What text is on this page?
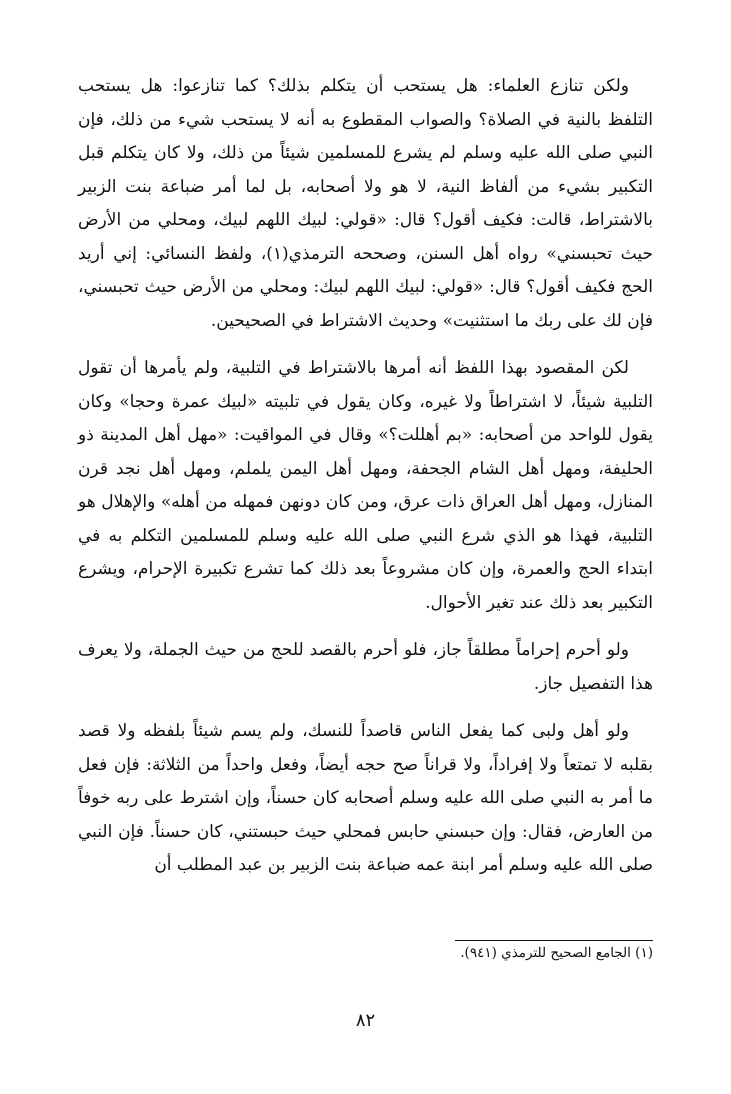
ولكن تنازع العلماء: هل يستحب أن يتكلم بذلك؟ كما تنازعوا: هل يستحب التلفظ بالنية في الصلاة؟ والصواب المقطوع به أنه لا يستحب شيء من ذلك، فإن النبي صلى الله عليه وسلم لم يشرع للمسلمين شيئاً من ذلك، ولا كان يتكلم قبل التكبير بشيء من ألفاظ النية، لا هو ولا أصحابه، بل لما أمر ضباعة بنت الزبير بالاشتراط، قالت: فكيف أقول؟ قال: «قولي: لبيك اللهم لبيك، ومحلي من الأرض حيث تحبسني» رواه أهل السنن، وصححه الترمذي(١)، ولفظ النسائي: إني أريد الحج فكيف أقول؟ قال: «قولي: لبيك اللهم لبيك: ومحلي من الأرض حيث تحبسني، فإن لك على ربك ما استثنيت» وحديث الاشتراط في الصحيحين.

لكن المقصود بهذا اللفظ أنه أمرها بالاشتراط في التلبية، ولم يأمرها أن تقول التلبية شيئاً، لا اشتراطاً ولا غيره، وكان يقول في تلبيته «لبيك عمرة وحجا» وكان يقول للواحد من أصحابه: «بم أهللت؟» وقال في المواقيت: «مهل أهل المدينة ذو الحليفة، ومهل أهل الشام الجحفة، ومهل أهل اليمن يلملم، ومهل أهل نجد قرن المنازل، ومهل أهل العراق ذات عرق، ومن كان دونهن فمهله من أهله» والإهلال هو التلبية، فهذا هو الذي شرع النبي صلى الله عليه وسلم للمسلمين التكلم به في ابتداء الحج والعمرة، وإن كان مشروعاً بعد ذلك كما تشرع تكبيرة الإحرام، ويشرع التكبير بعد ذلك عند تغير الأحوال.

ولو أحرم إحراماً مطلقاً جاز، فلو أحرم بالقصد للحج من حيث الجملة، ولا يعرف هذا التفصيل جاز.

ولو أهل ولبى كما يفعل الناس قاصداً للنسك، ولم يسم شيئاً بلفظه ولا قصد بقلبه لا تمتعاً ولا إفراداً، ولا قراناً صح حجه أيضاً، وفعل واحداً من الثلاثة: فإن فعل ما أمر به النبي صلى الله عليه وسلم أصحابه كان حسناً، وإن اشترط على ربه خوفاً من العارض، فقال: وإن حبسني حابس فمحلي حيث حبستني، كان حسناً. فإن النبي صلى الله عليه وسلم أمر ابنة عمه ضباعة بنت الزبير بن عبد المطلب أن

(١) الجامع الصحيح للترمذي (٩٤١).
٨٢
